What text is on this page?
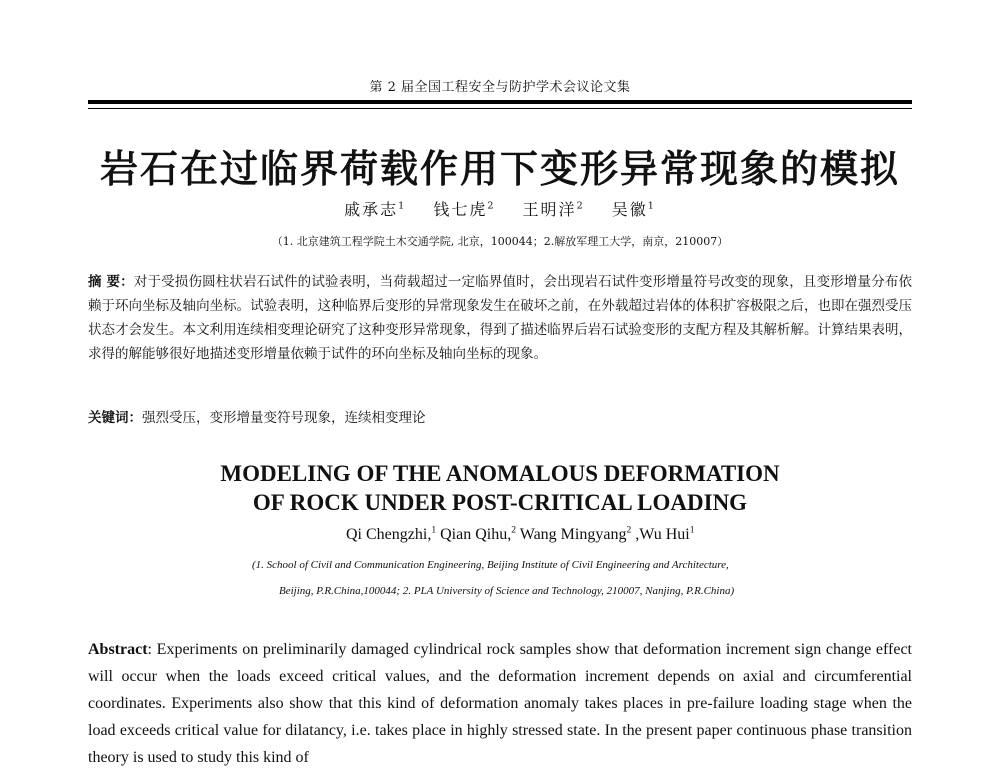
第 2 届全国工程安全与防护学术会议论文集
岩石在过临界荷载作用下变形异常现象的模拟
戚承志$^1$ 钱七虎$^2$ 王明洋$^2$ 吴徽$^1$
（1. 北京建筑工程学院土木交通学院, 北京，100044；2.解放军理工大学，南京，210007）
摘 要：对于受损伤圆柱状岩石试件的试验表明，当荷载超过一定临界值时，会出现岩石试件变形增量符号改变的现象，且变形增量分布依赖于环向坐标及轴向坐标。试验表明，这种临界后变形的异常现象发生在破坏之前，在外载超过岩体的体积扩容极限之后，也即在强烈受压状态才会发生。本文利用连续相变理论研究了这种变形异常现象，得到了描述临界后岩石试验变形的支配方程及其解析解。计算结果表明，求得的解能够很好地描述变形增量依赖于试件的环向坐标及轴向坐标的现象。
关键词：强烈受压，变形增量变符号现象，连续相变理论
MODELING OF THE ANOMALOUS DEFORMATION
OF ROCK UNDER POST-CRITICAL LOADING
Qi Chengzhi,$^1$ Qian Qihu,$^2$ Wang Mingyang$^2$ ,Wu Hui$^1$
(1. School of Civil and Communication Engineering, Beijing Institute of Civil Engineering and Architecture,
Beijing, P.R.China,100044; 2. PLA University of Science and Technology, 210007, Nanjing, P.R.China)
Abstract: Experiments on preliminarily damaged cylindrical rock samples show that deformation increment sign change effect will occur when the loads exceed critical values, and the deformation increment depends on axial and circumferential coordinates. Experiments also show that this kind of deformation anomaly takes places in pre-failure loading stage when the load exceeds critical value for dilatancy, i.e. takes place in highly stressed state. In the present paper continuous phase transition theory is used to study this kind of
